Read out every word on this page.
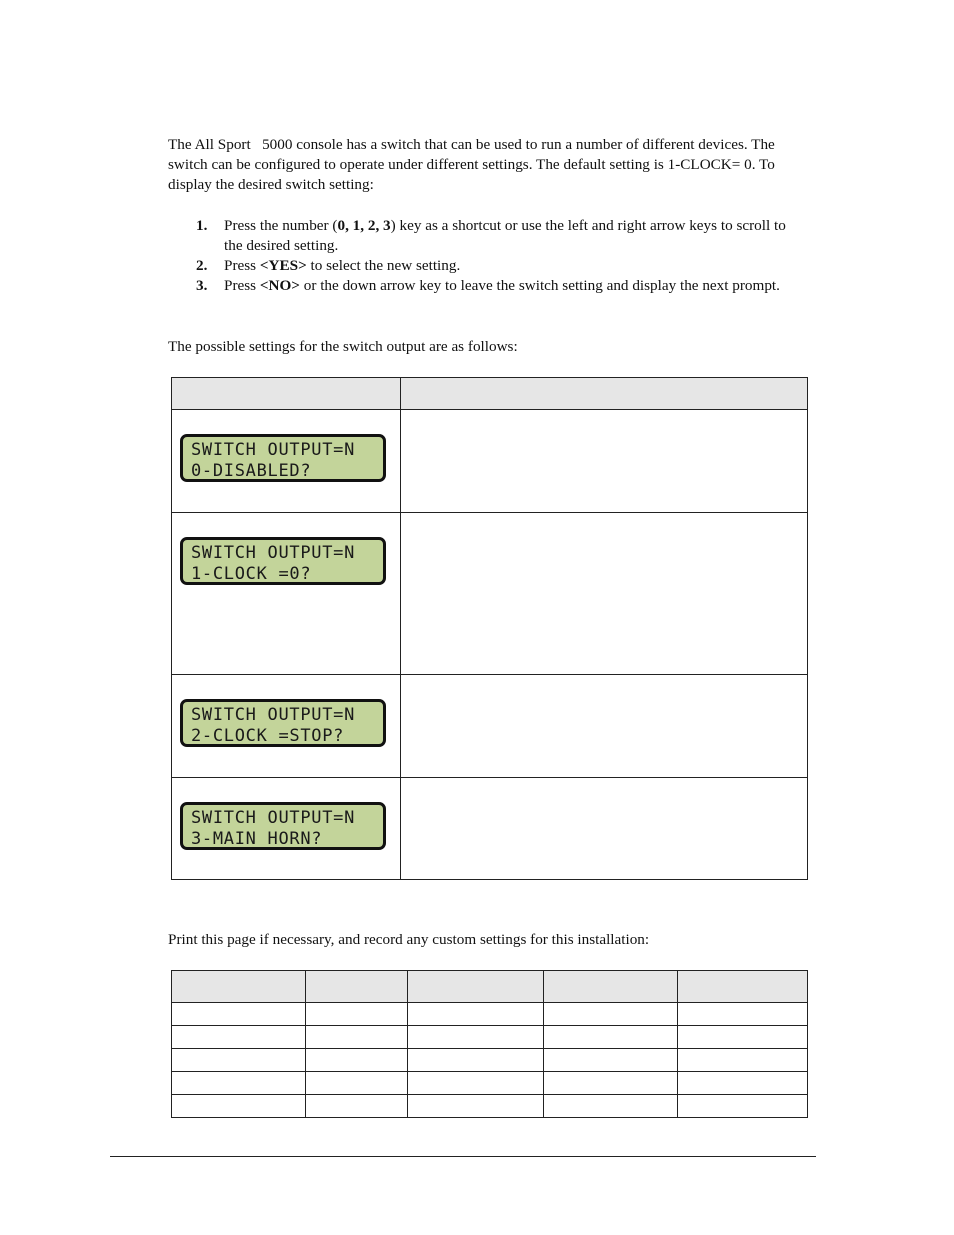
The All Sport 5000 console has a switch that can be used to run a number of different devices. The switch can be configured to operate under different settings. The default setting is 1-CLOCK= 0. To display the desired switch setting:

1. Press the number (0, 1, 2, 3) key as a shortcut or use the left and right arrow keys to scroll to the desired setting.
2. Press <YES> to select the new setting.
3. Press <NO> or the down arrow key to leave the switch setting and display the next prompt.

The possible settings for the switch output are as follows:

SWITCH OUTPUT=N
0-DISABLED?	

SWITCH OUTPUT=N
1-CLOCK =0?	

SWITCH OUTPUT=N
2-CLOCK =STOP?	

SWITCH OUTPUT=N
3-MAIN HORN?	

Print this page if necessary, and record any custom settings for this installation:
